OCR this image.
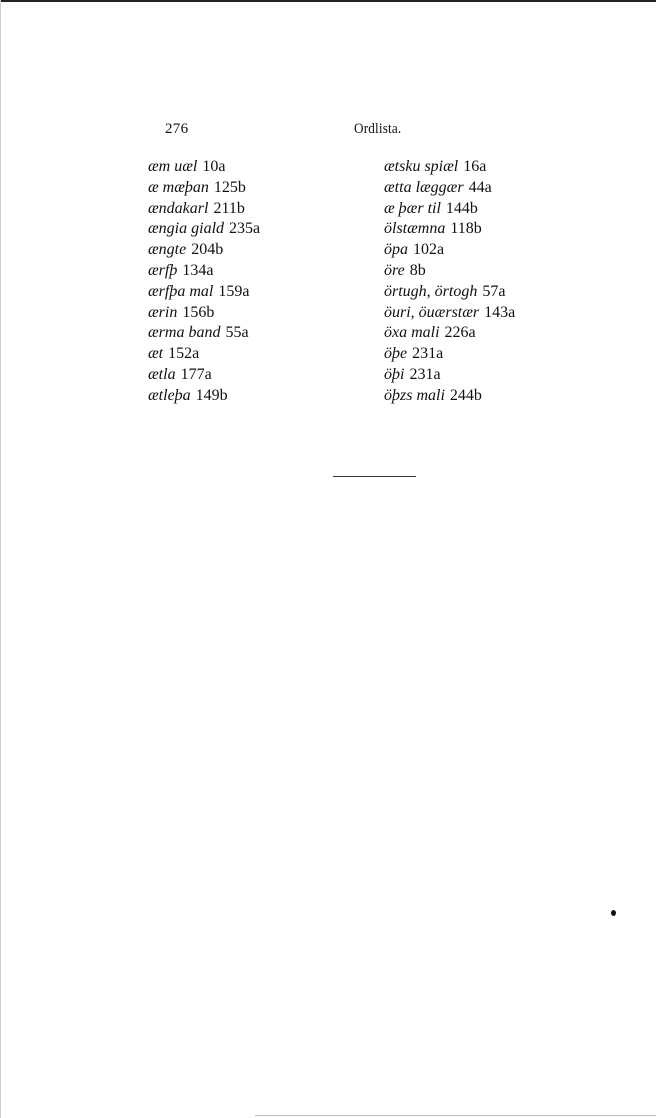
276	Ordlista.
æm uæl 10a
æ mæþan 125b
ændakarl 211b
ængia giald 235a
ængte 204b
ærfþ 134a
ærfþa mal 159a
ærin 156b
ærma band 55a
æt 152a
ætla 177a
ætleþa 149b
ætsku spiæl 16a
ætta læggær 44a
æ þær til 144b
ölstæmna 118b
öpa 102a
öre 8b
örtugh, örtogh 57a
öuri, öuærstær 143a
öxa mali 226a
öþe 231a
öþi 231a
öþzs mali 244b
